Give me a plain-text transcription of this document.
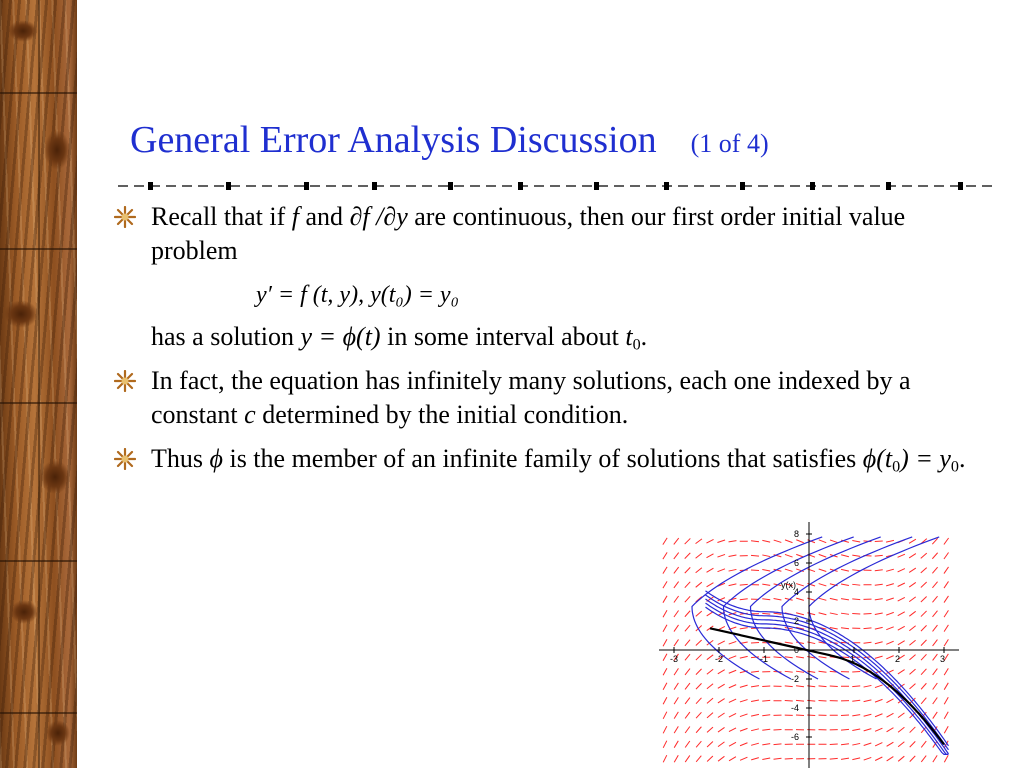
General Error Analysis Discussion (1 of 4)
Recall that if f and ∂f /∂y are continuous, then our first order initial value problem
y′ = f (t, y), y(t₀) = y₀
has a solution y = ϕ(t) in some interval about $t_0$.
In fact, the equation has infinitely many solutions, each one indexed by a constant c determined by the initial condition.
Thus ϕ is the member of an infinite family of solutions that satisfies $\phi(t_0) = y_0$.
-3	-2	-1	1	2	3
8
6
4
2
0
-2
-4
-6
y(x)
